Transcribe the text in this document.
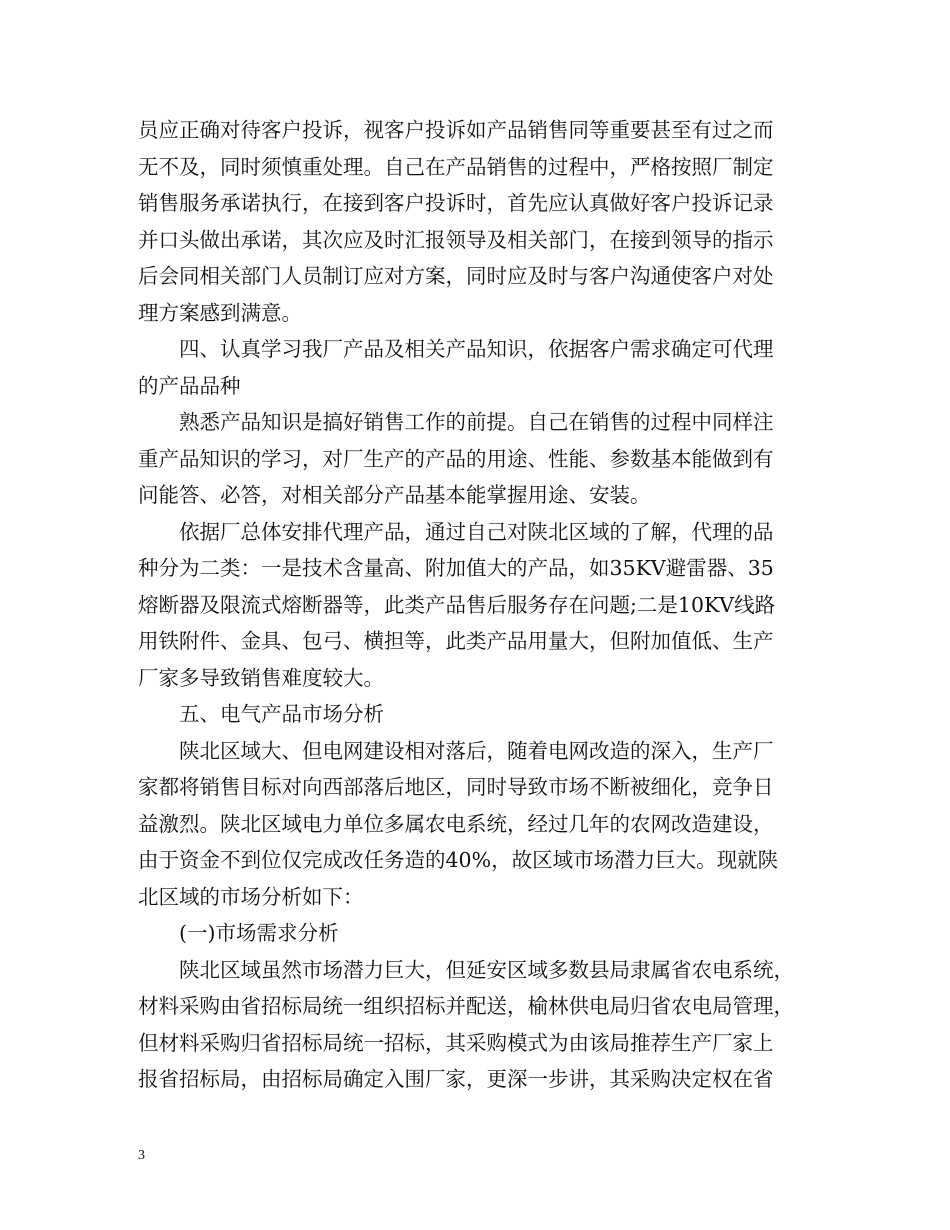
员应正确对待客户投诉，视客户投诉如产品销售同等重要甚至有过之而
无不及，同时须慎重处理。自己在产品销售的过程中，严格按照厂制定
销售服务承诺执行，在接到客户投诉时，首先应认真做好客户投诉记录
并口头做出承诺，其次应及时汇报领导及相关部门，在接到领导的指示
后会同相关部门人员制订应对方案，同时应及时与客户沟通使客户对处
理方案感到满意。
四、认真学习我厂产品及相关产品知识，依据客户需求确定可代理
的产品品种
熟悉产品知识是搞好销售工作的前提。自己在销售的过程中同样注
重产品知识的学习，对厂生产的产品的用途、性能、参数基本能做到有
问能答、必答，对相关部分产品基本能掌握用途、安装。
依据厂总体安排代理产品，通过自己对陕北区域的了解，代理的品
种分为二类：一是技术含量高、附加值大的产品，如35KV避雷器、35
熔断器及限流式熔断器等，此类产品售后服务存在问题;二是10KV线路
用铁附件、金具、包弓、横担等，此类产品用量大，但附加值低、生产
厂家多导致销售难度较大。
五、电气产品市场分析
陕北区域大、但电网建设相对落后，随着电网改造的深入，生产厂
家都将销售目标对向西部落后地区，同时导致市场不断被细化，竞争日
益激烈。陕北区域电力单位多属农电系统，经过几年的农网改造建设，
由于资金不到位仅完成改任务造的40%，故区域市场潜力巨大。现就陕
北区域的市场分析如下：
(一)市场需求分析
陕北区域虽然市场潜力巨大，但延安区域多数县局隶属省农电系统，
材料采购由省招标局统一组织招标并配送，榆林供电局归省农电局管理，
但材料采购归省招标局统一招标，其采购模式为由该局推荐生产厂家上
报省招标局，由招标局确定入围厂家，更深一步讲，其采购决定权在省
3
